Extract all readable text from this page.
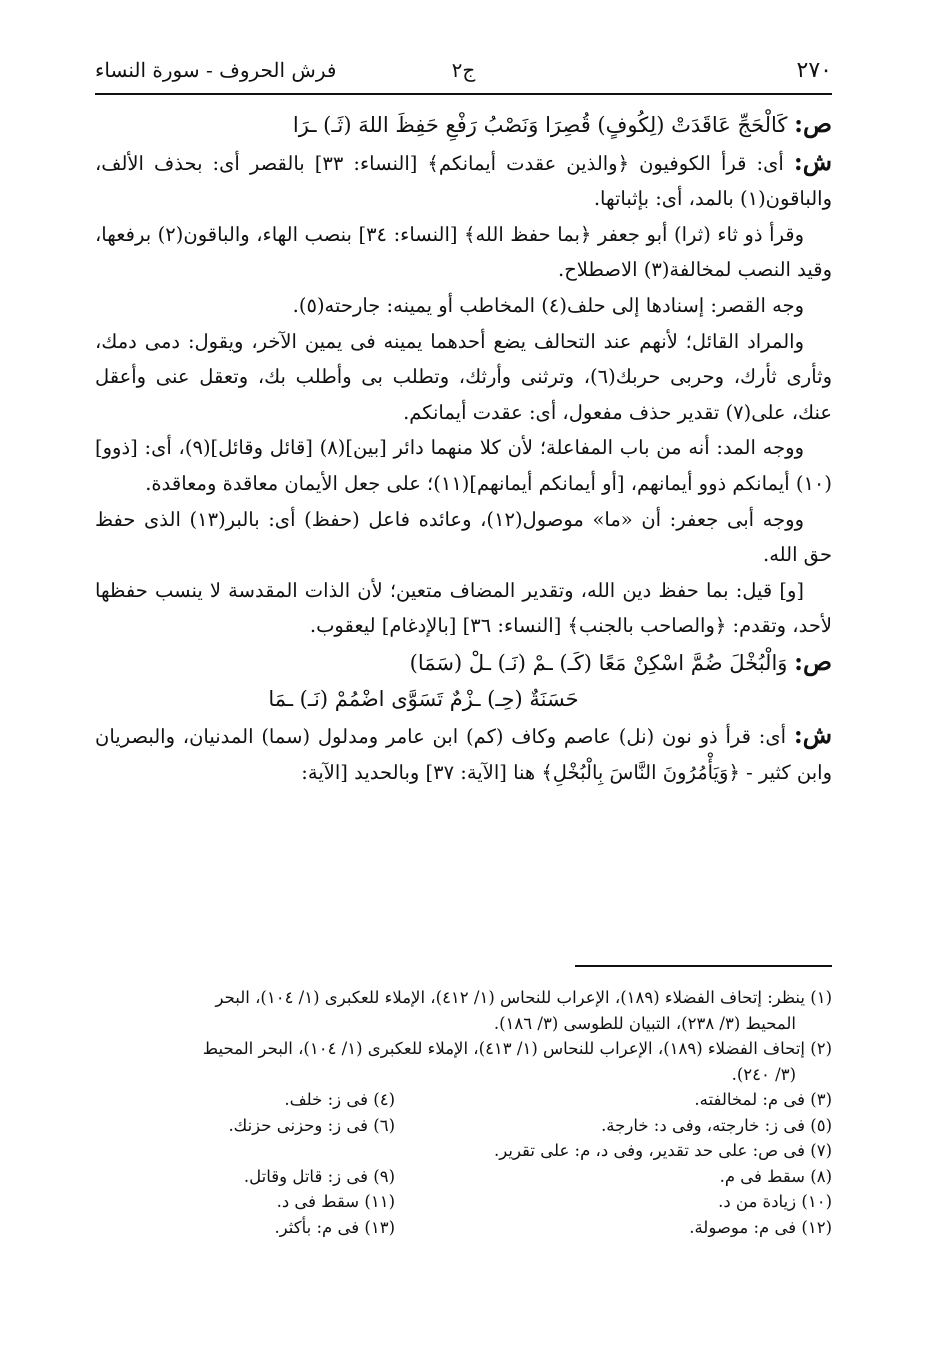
٢٧٠
ج٢
فرش الحروف - سورة النساء

ص: كَالْحَجِّ عَاقَدَتْ (لِكُوفٍ) قُصِرَا وَنَصْبُ رَفْعِ حَفِظَ اللهَ (ثَـ) ـرَا

ش: أى: قرأ الكوفيون ﴿والذين عقدت أيمانكم﴾ [النساء: ٣٣] بالقصر أى: بحذف الألف، والباقون(١) بالمد، أى: بإثباتها.

وقرأ ذو ثاء (ثرا) أبو جعفر ﴿بما حفظ الله﴾ [النساء: ٣٤] بنصب الهاء، والباقون(٢) برفعها، وقيد النصب لمخالفة(٣) الاصطلاح.

وجه القصر: إسنادها إلى حلف(٤) المخاطب أو يمينه: جارحته(٥).

والمراد القائل؛ لأنهم عند التحالف يضع أحدهما يمينه فى يمين الآخر، ويقول: دمى دمك، وثأرى ثأرك، وحربى حربك(٦)، وترثنى وأرثك، وتطلب بى وأطلب بك، وتعقل عنى وأعقل عنك، على(٧) تقدير حذف مفعول، أى: عقدت أيمانكم.

ووجه المد: أنه من باب المفاعلة؛ لأن كلا منهما دائر [بين](٨) [قائل وقائل](٩)، أى: [ذوو](١٠) أيمانكم ذوو أيمانهم، [أو أيمانكم أيمانهم](١١)؛ على جعل الأيمان معاقدة ومعاقدة.

ووجه أبى جعفر: أن «ما» موصول(١٢)، وعائده فاعل (حفظ) أى: بالبر(١٣) الذى حفظ حق الله.

[و] قيل: بما حفظ دين الله، وتقدير المضاف متعين؛ لأن الذات المقدسة لا ينسب حفظها لأحد، وتقدم: ﴿والصاحب بالجنب﴾ [النساء: ٣٦] [بالإدغام] ليعقوب.

ص: وَالْبُخْلَ ضُمَّ اسْكِنْ مَعًا (كَـ) ـمْ (نَـ) ـلْ (سَمَا)

حَسَنَةٌ (حِـ) ـزْمٌ تَسَوَّى اضْمُمْ (نَـ) ـمَا

ش: أى: قرأ ذو نون (نل) عاصم وكاف (كم) ابن عامر ومدلول (سما) المدنيان، والبصريان وابن كثير - ﴿وَيَأْمُرُونَ النَّاسَ بِالْبُخْلِ﴾ هنا [الآية: ٣٧] وبالحديد [الآية:

(١) ينظر: إتحاف الفضلاء (١٨٩)، الإعراب للنحاس (١/ ٤١٢)، الإملاء للعكبرى (١/ ١٠٤)، البحر

المحيط (٣/ ٢٣٨)، التبيان للطوسى (٣/ ١٨٦).

(٢) إتحاف الفضلاء (١٨٩)، الإعراب للنحاس (١/ ٤١٣)، الإملاء للعكبرى (١/ ١٠٤)، البحر المحيط

(٣/ ٢٤٠).

(٣) فى م: لمخالفته.
(٤) فى ز: خلف.
(٥) فى ز: خارجته، وفى د: خارجة.
(٦) فى ز: وحزنى حزنك.

(٧) فى ص: على حد تقدير، وفى د، م: على تقرير.

(٨) سقط فى م.
(٩) فى ز: قاتل وقاتل.
(١٠) زيادة من د.
(١١) سقط فى د.
(١٢) فى م: موصولة.
(١٣) فى م: بأكثر.
